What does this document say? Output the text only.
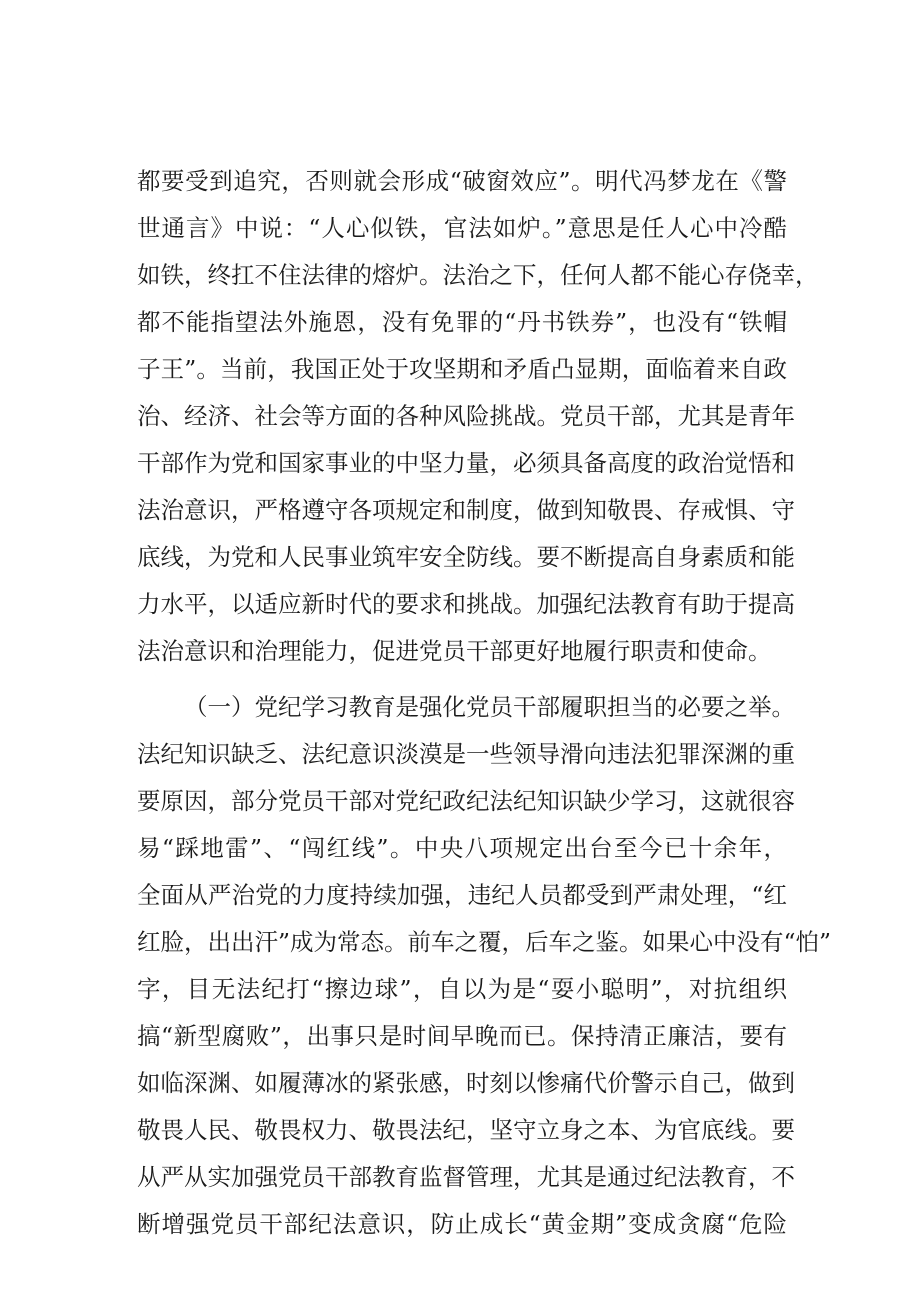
都要受到追究，否则就会形成“破窗效应”。明代冯梦龙在《警
世通言》中说：“人心似铁，官法如炉。”意思是任人心中冷酷
如铁，终扛不住法律的熔炉。法治之下，任何人都不能心存侥幸，
都不能指望法外施恩，没有免罪的“丹书铁券”，也没有“铁帽
子王”。当前，我国正处于攻坚期和矛盾凸显期，面临着来自政
治、经济、社会等方面的各种风险挑战。党员干部，尤其是青年
干部作为党和国家事业的中坚力量，必须具备高度的政治觉悟和
法治意识，严格遵守各项规定和制度，做到知敬畏、存戒惧、守
底线，为党和人民事业筑牢安全防线。要不断提高自身素质和能
力水平，以适应新时代的要求和挑战。加强纪法教育有助于提高
法治意识和治理能力，促进党员干部更好地履行职责和使命。
（一）党纪学习教育是强化党员干部履职担当的必要之举。
法纪知识缺乏、法纪意识淡漠是一些领导滑向违法犯罪深渊的重
要原因，部分党员干部对党纪政纪法纪知识缺少学习，这就很容
易“踩地雷”、“闯红线”。中央八项规定出台至今已十余年，
全面从严治党的力度持续加强，违纪人员都受到严肃处理，“红
红脸，出出汗”成为常态。前车之覆，后车之鉴。如果心中没有“怕”
字，目无法纪打“擦边球”，自以为是“耍小聪明”，对抗组织
搞“新型腐败”，出事只是时间早晚而已。保持清正廉洁，要有
如临深渊、如履薄冰的紧张感，时刻以惨痛代价警示自己，做到
敬畏人民、敬畏权力、敬畏法纪，坚守立身之本、为官底线。要
从严从实加强党员干部教育监督管理，尤其是通过纪法教育，不
断增强党员干部纪法意识，防止成长“黄金期”变成贪腐“危险
